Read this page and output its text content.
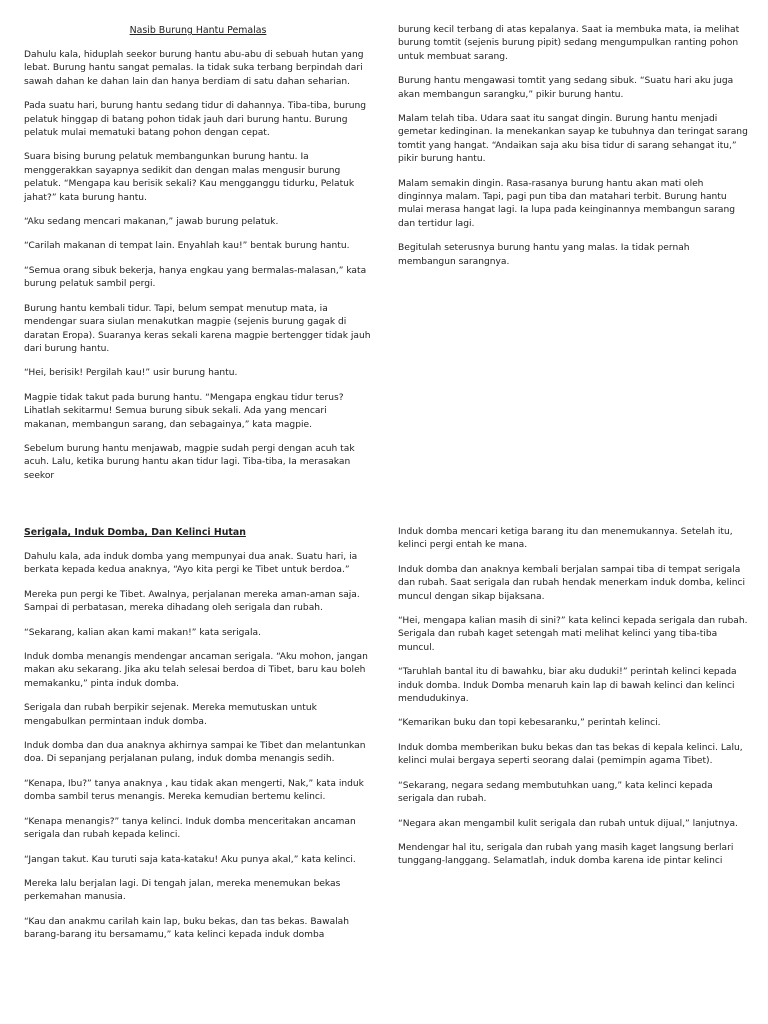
Nasib Burung Hantu Pemalas

Dahulu kala, hiduplah seekor burung hantu abu-abu di sebuah hutan yang lebat. Burung hantu sangat pemalas. Ia tidak suka terbang berpindah dari sawah dahan ke dahan lain dan hanya berdiam di satu dahan seharian.

Pada suatu hari, burung hantu sedang tidur di dahannya. Tiba-tiba, burung pelatuk hinggap di batang pohon tidak jauh dari burung hantu. Burung pelatuk mulai mematuki batang pohon dengan cepat.

Suara bising burung pelatuk membangunkan burung hantu. Ia menggerakkan sayapnya sedikit dan dengan malas mengusir burung pelatuk. “Mengapa kau berisik sekali? Kau mengganggu tidurku, Pelatuk jahat?” kata burung hantu.

“Aku sedang mencari makanan,” jawab burung pelatuk.

“Carilah makanan di tempat lain. Enyahlah kau!” bentak burung hantu.

“Semua orang sibuk bekerja, hanya engkau yang bermalas-malasan,” kata burung pelatuk sambil pergi.

Burung hantu kembali tidur. Tapi, belum sempat menutup mata, ia mendengar suara siulan menakutkan magpie (sejenis burung gagak di daratan Eropa). Suaranya keras sekali karena magpie bertengger tidak jauh dari burung hantu.

“Hei, berisik! Pergilah kau!” usir burung hantu.

Magpie tidak takut pada burung hantu. “Mengapa engkau tidur terus? Lihatlah sekitarmu! Semua burung sibuk sekali. Ada yang mencari makanan, membangun sarang, dan sebagainya,” kata magpie.

Sebelum burung hantu menjawab, magpie sudah pergi dengan acuh tak acuh. Lalu, ketika burung hantu akan tidur lagi. Tiba-tiba, Ia merasakan seekor

burung kecil terbang di atas kepalanya. Saat ia membuka mata, ia melihat burung tomtit (sejenis burung pipit) sedang mengumpulkan ranting pohon untuk membuat sarang.

Burung hantu mengawasi tomtit yang sedang sibuk. “Suatu hari aku juga akan membangun sarangku,” pikir burung hantu.

Malam telah tiba. Udara saat itu sangat dingin. Burung hantu menjadi gemetar kedinginan. Ia menekankan sayap ke tubuhnya dan teringat sarang tomtit yang hangat. “Andaikan saja aku bisa tidur di sarang sehangat itu,” pikir burung hantu.

Malam semakin dingin. Rasa-rasanya burung hantu akan mati oleh dinginnya malam. Tapi, pagi pun tiba dan matahari terbit. Burung hantu mulai merasa hangat lagi. Ia lupa pada keinginannya membangun sarang dan tertidur lagi.

Begitulah seterusnya burung hantu yang malas. Ia tidak pernah membangun sarangnya.

Serigala, Induk Domba, Dan Kelinci Hutan

Dahulu kala, ada induk domba yang mempunyai dua anak. Suatu hari, ia berkata kepada kedua anaknya, “Ayo kita pergi ke Tibet untuk berdoa.”

Mereka pun pergi ke Tibet. Awalnya, perjalanan mereka aman-aman saja. Sampai di perbatasan, mereka dihadang oleh serigala dan rubah.

“Sekarang, kalian akan kami makan!” kata serigala.

Induk domba menangis mendengar ancaman serigala. “Aku mohon, jangan makan aku sekarang. Jika aku telah selesai berdoa di Tibet, baru kau boleh memakanku,” pinta induk domba.

Serigala dan rubah berpikir sejenak. Mereka memutuskan untuk mengabulkan permintaan induk domba.

Induk domba dan dua anaknya akhirnya sampai ke Tibet dan melantunkan doa. Di sepanjang perjalanan pulang, induk domba menangis sedih.

“Kenapa, Ibu?” tanya anaknya , kau tidak akan mengerti, Nak,” kata induk domba sambil terus menangis. Mereka kemudian bertemu kelinci.

“Kenapa menangis?” tanya kelinci. Induk domba menceritakan ancaman serigala dan rubah kepada kelinci.

“Jangan takut. Kau turuti saja kata-kataku! Aku punya akal,” kata kelinci.

Mereka lalu berjalan lagi. Di tengah jalan, mereka menemukan bekas perkemahan manusia.

“Kau dan anakmu carilah kain lap, buku bekas, dan tas bekas. Bawalah barang-barang itu bersamamu,” kata kelinci kepada induk domba

Induk domba mencari ketiga barang itu dan menemukannya. Setelah itu, kelinci pergi entah ke mana.

Induk domba dan anaknya kembali berjalan sampai tiba di tempat serigala dan rubah. Saat serigala dan rubah hendak menerkam induk domba, kelinci muncul dengan sikap bijaksana.

“Hei, mengapa kalian masih di sini?” kata kelinci kepada serigala dan rubah. Serigala dan rubah kaget setengah mati melihat kelinci yang tiba-tiba muncul.

“Taruhlah bantal itu di bawahku, biar aku duduki!” perintah kelinci kepada induk domba. Induk Domba menaruh kain lap di bawah kelinci dan kelinci mendudukinya.

“Kemarikan buku dan topi kebesaranku,” perintah kelinci.

Induk domba memberikan buku bekas dan tas bekas di kepala kelinci. Lalu, kelinci mulai bergaya seperti seorang dalai (pemimpin agama Tibet).

“Sekarang, negara sedang membutuhkan uang,” kata kelinci kepada serigala dan rubah.

“Negara akan mengambil kulit serigala dan rubah untuk dijual,” lanjutnya.

Mendengar hal itu, serigala dan rubah yang masih kaget langsung berlari tunggang-langgang. Selamatlah, induk domba karena ide pintar kelinci
